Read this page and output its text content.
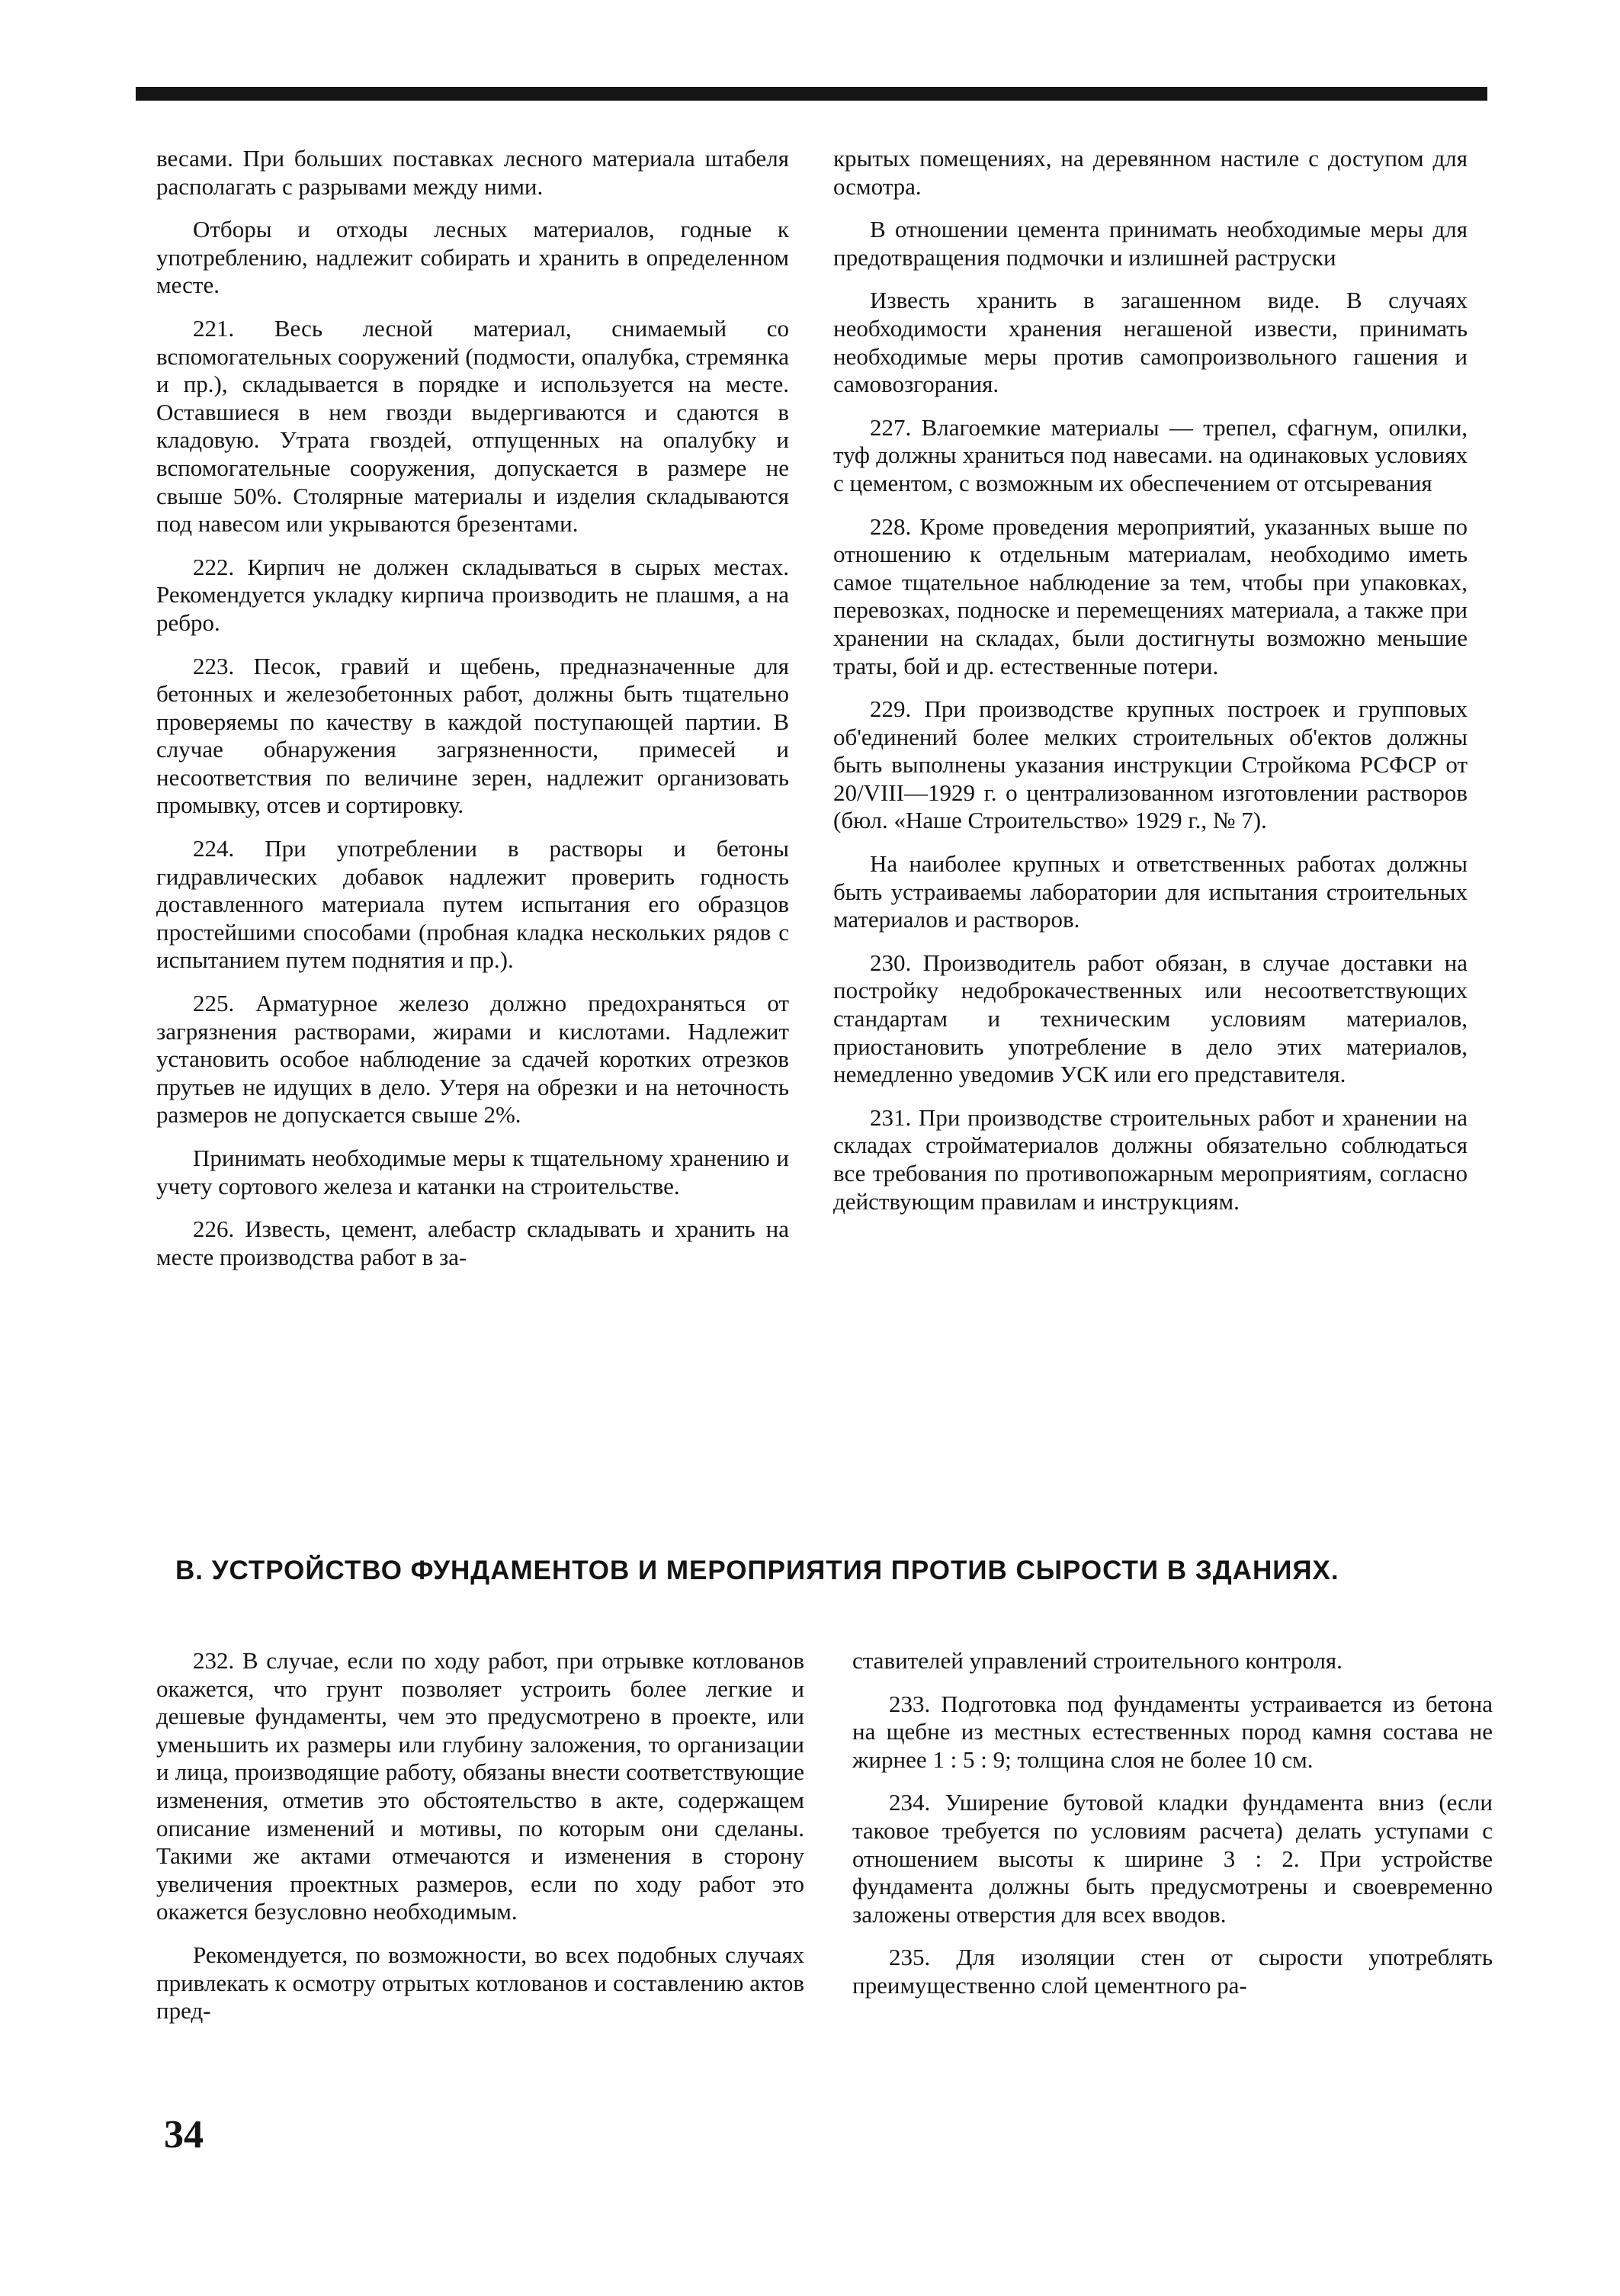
весами. При больших поставках лесного материала штабеля располагать с разрывами между ними.

Отборы и отходы лесных материалов, годные к употреблению, надлежит собирать и хранить в определенном месте.

221. Весь лесной материал, снимаемый со вспомогательных сооружений (подмости, опалубка, стремянка и пр.), складывается в порядке и используется на месте. Оставшиеся в нем гвозди выдергиваются и сдаются в кладовую. Утрата гвоздей, отпущенных на опалубку и вспомогательные сооружения, допускается в размере не свыше 50%. Столярные материалы и изделия складываются под навесом или укрываются брезентами.

222. Кирпич не должен складываться в сырых местах. Рекомендуется укладку кирпича производить не плашмя, а на ребро.

223. Песок, гравий и щебень, предназначенные для бетонных и железобетонных работ, должны быть тщательно проверяемы по качеству в каждой поступающей партии. В случае обнаружения загрязненности, примесей и несоответствия по величине зерен, надлежит организовать промывку, отсев и сортировку.

224. При употреблении в растворы и бетоны гидравлических добавок надлежит проверить годность доставленного материала путем испытания его образцов простейшими способами (пробная кладка нескольких рядов с испытанием путем поднятия и пр.).

225. Арматурное железо должно предохраняться от загрязнения растворами, жирами и кислотами. Надлежит установить особое наблюдение за сдачей коротких отрезков прутьев не идущих в дело. Утеря на обрезки и на неточность размеров не допускается свыше 2%.

Принимать необходимые меры к тщательному хранению и учету сортового железа и катанки на строительстве.

226. Известь, цемент, алебастр складывать и хранить на месте производства работ в за-

крытых помещениях, на деревянном настиле с доступом для осмотра.

В отношении цемента принимать необходимые меры для предотвращения подмочки и излишней раструски

Известь хранить в загашенном виде. В случаях необходимости хранения негашеной извести, принимать необходимые меры против самопроизвольного гашения и самовозгорания.

227. Влагоемкие материалы — трепел, сфагнум, опилки, туф должны храниться под навесами. на одинаковых условиях с цементом, с возможным их обеспечением от отсыревания

228. Кроме проведения мероприятий, указанных выше по отношению к отдельным материалам, необходимо иметь самое тщательное наблюдение за тем, чтобы при упаковках, перевозках, подноске и перемещениях материала, а также при хранении на складах, были достигнуты возможно меньшие траты, бой и др. естественные потери.

229. При производстве крупных построек и групповых об'единений более мелких строительных об'ектов должны быть выполнены указания инструкции Стройкома РСФСР от 20/VIII—1929 г. о централизованном изготовлении растворов (бюл. «Наше Строительство» 1929 г., № 7).

На наиболее крупных и ответственных работах должны быть устраиваемы лаборатории для испытания строительных материалов и растворов.

230. Производитель работ обязан, в случае доставки на постройку недоброкачественных или несоответствующих стандартам и техническим условиям материалов, приостановить употребление в дело этих материалов, немедленно уведомив УСК или его представителя.

231. При производстве строительных работ и хранении на складах стройматериалов должны обязательно соблюдаться все требования по противопожарным мероприятиям, согласно действующим правилам и инструкциям.

В. УСТРОЙСТВО ФУНДАМЕНТОВ И МЕРОПРИЯТИЯ ПРОТИВ СЫРОСТИ В ЗДАНИЯХ.

232. В случае, если по ходу работ, при отрывке котлованов окажется, что грунт позволяет устроить более легкие и дешевые фундаменты, чем это предусмотрено в проекте, или уменьшить их размеры или глубину заложения, то организации и лица, производящие работу, обязаны внести соответствующие изменения, отметив это обстоятельство в акте, содержащем описание изменений и мотивы, по которым они сделаны. Такими же актами отмечаются и изменения в сторону увеличения проектных размеров, если по ходу работ это окажется безусловно необходимым.

Рекомендуется, по возможности, во всех подобных случаях привлекать к осмотру отрытых котлованов и составлению актов пред-

ставителей управлений строительного контроля.

233. Подготовка под фундаменты устраивается из бетона на щебне из местных естественных пород камня состава не жирнее 1 : 5 : 9; толщина слоя не более 10 см.

234. Уширение бутовой кладки фундамента вниз (если таковое требуется по условиям расчета) делать уступами с отношением высоты к ширине 3 : 2. При устройстве фундамента должны быть предусмотрены и своевременно заложены отверстия для всех вводов.

235. Для изоляции стен от сырости употреблять преимущественно слой цементного ра-

34
